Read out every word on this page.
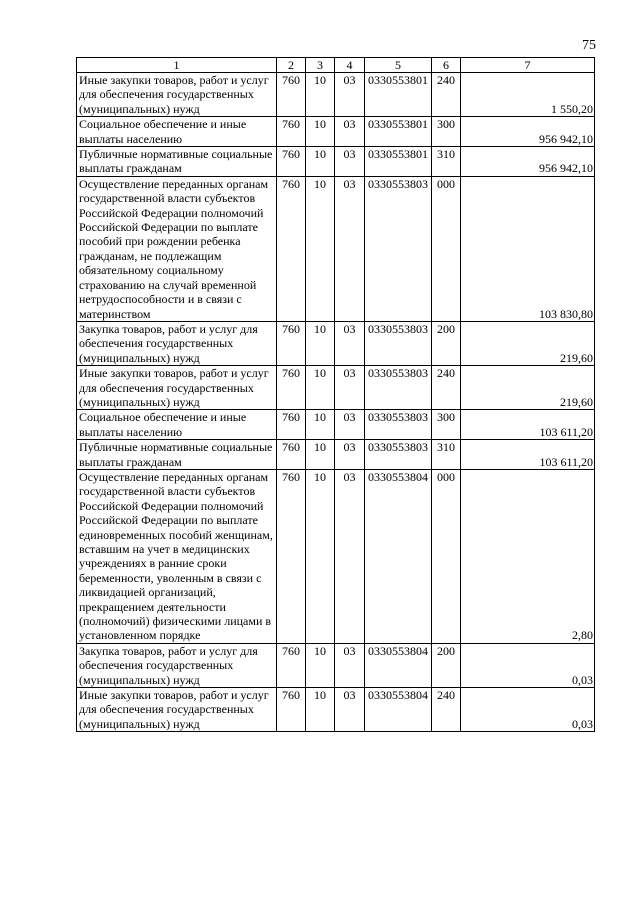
75
1	2	3	4	5	6	7
Иные закупки товаров, работ и услуг для обеспечения государственных (муниципальных) нужд	760	10	03	0330553801	240	1 550,20
Социальное обеспечение и иные выплаты населению	760	10	03	0330553801	300	956 942,10
Публичные нормативные социальные выплаты гражданам	760	10	03	0330553801	310	956 942,10
Осуществление переданных органам государственной власти субъектов Российской Федерации полномочий Российской Федерации по выплате пособий при рождении ребенка гражданам, не подлежащим обязательному социальному страхованию на случай временной нетрудоспособности и в связи с материнством	760	10	03	0330553803	000	103 830,80
Закупка товаров, работ и услуг для обеспечения государственных (муниципальных) нужд	760	10	03	0330553803	200	219,60
Иные закупки товаров, работ и услуг для обеспечения государственных (муниципальных) нужд	760	10	03	0330553803	240	219,60
Социальное обеспечение и иные выплаты населению	760	10	03	0330553803	300	103 611,20
Публичные нормативные социальные выплаты гражданам	760	10	03	0330553803	310	103 611,20
Осуществление переданных органам государственной власти субъектов Российской Федерации полномочий Российской Федерации по выплате единовременных пособий женщинам, вставшим на учет в медицинских учреждениях в ранние сроки беременности, уволенным в связи с ликвидацией организаций, прекращением деятельности (полномочий) физическими лицами в установленном порядке	760	10	03	0330553804	000	2,80
Закупка товаров, работ и услуг для обеспечения государственных (муниципальных) нужд	760	10	03	0330553804	200	0,03
Иные закупки товаров, работ и услуг для обеспечения государственных (муниципальных) нужд	760	10	03	0330553804	240	0,03
